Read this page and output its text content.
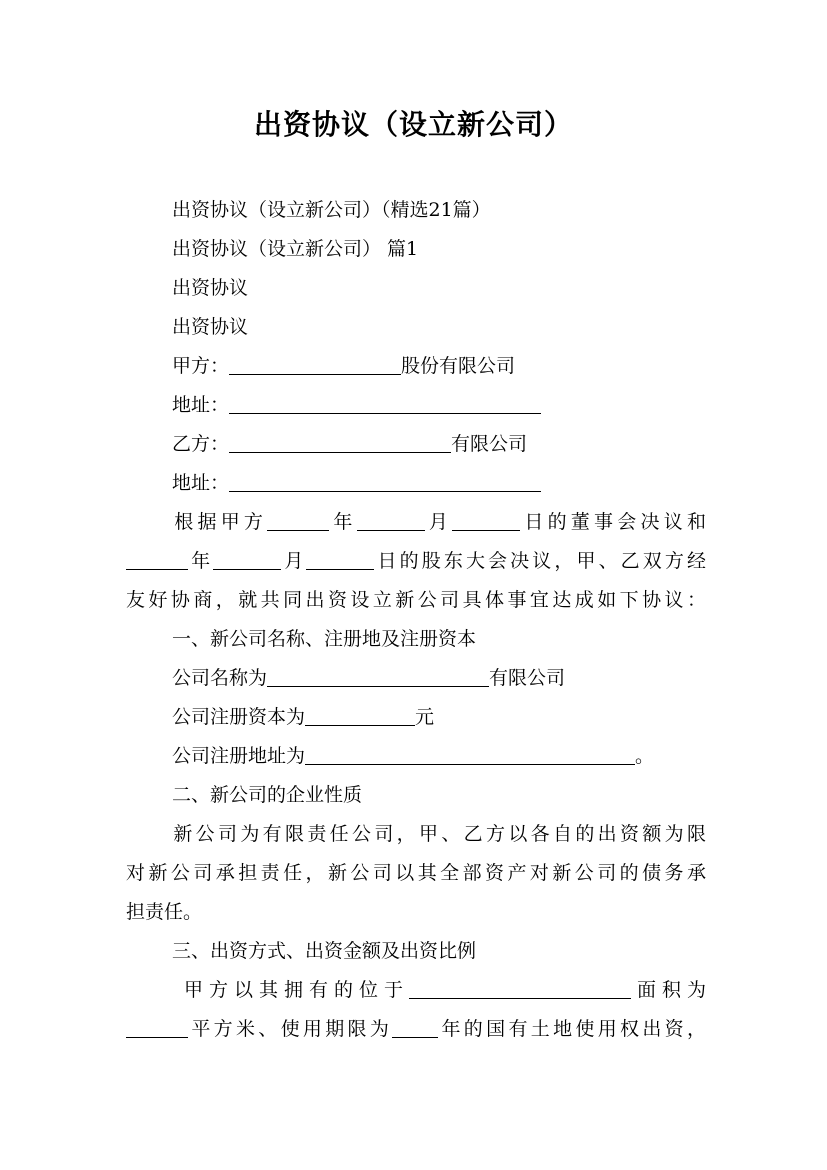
出资协议（设立新公司）
出资协议（设立新公司）（精选21篇）
出资协议（设立新公司） 篇1
出资协议
出资协议
甲方：	股份有限公司
地址：
乙方：	有限公司
地址：
根据甲方	年	月	日的董事会决议和
年	月	日的股东大会决议，甲、乙双方经
友好协商，就共同出资设立新公司具体事宜达成如下协议：
一、新公司名称、注册地及注册资本
公司名称为	有限公司
公司注册资本为	元
公司注册地址为	。
二、新公司的企业性质
新公司为有限责任公司，甲、乙方以各自的出资额为限
对新公司承担责任，新公司以其全部资产对新公司的债务承
担责任。
三、出资方式、出资金额及出资比例
甲方以其拥有的位于	面积为
平方米、使用期限为 年的国有土地使用权出资，
